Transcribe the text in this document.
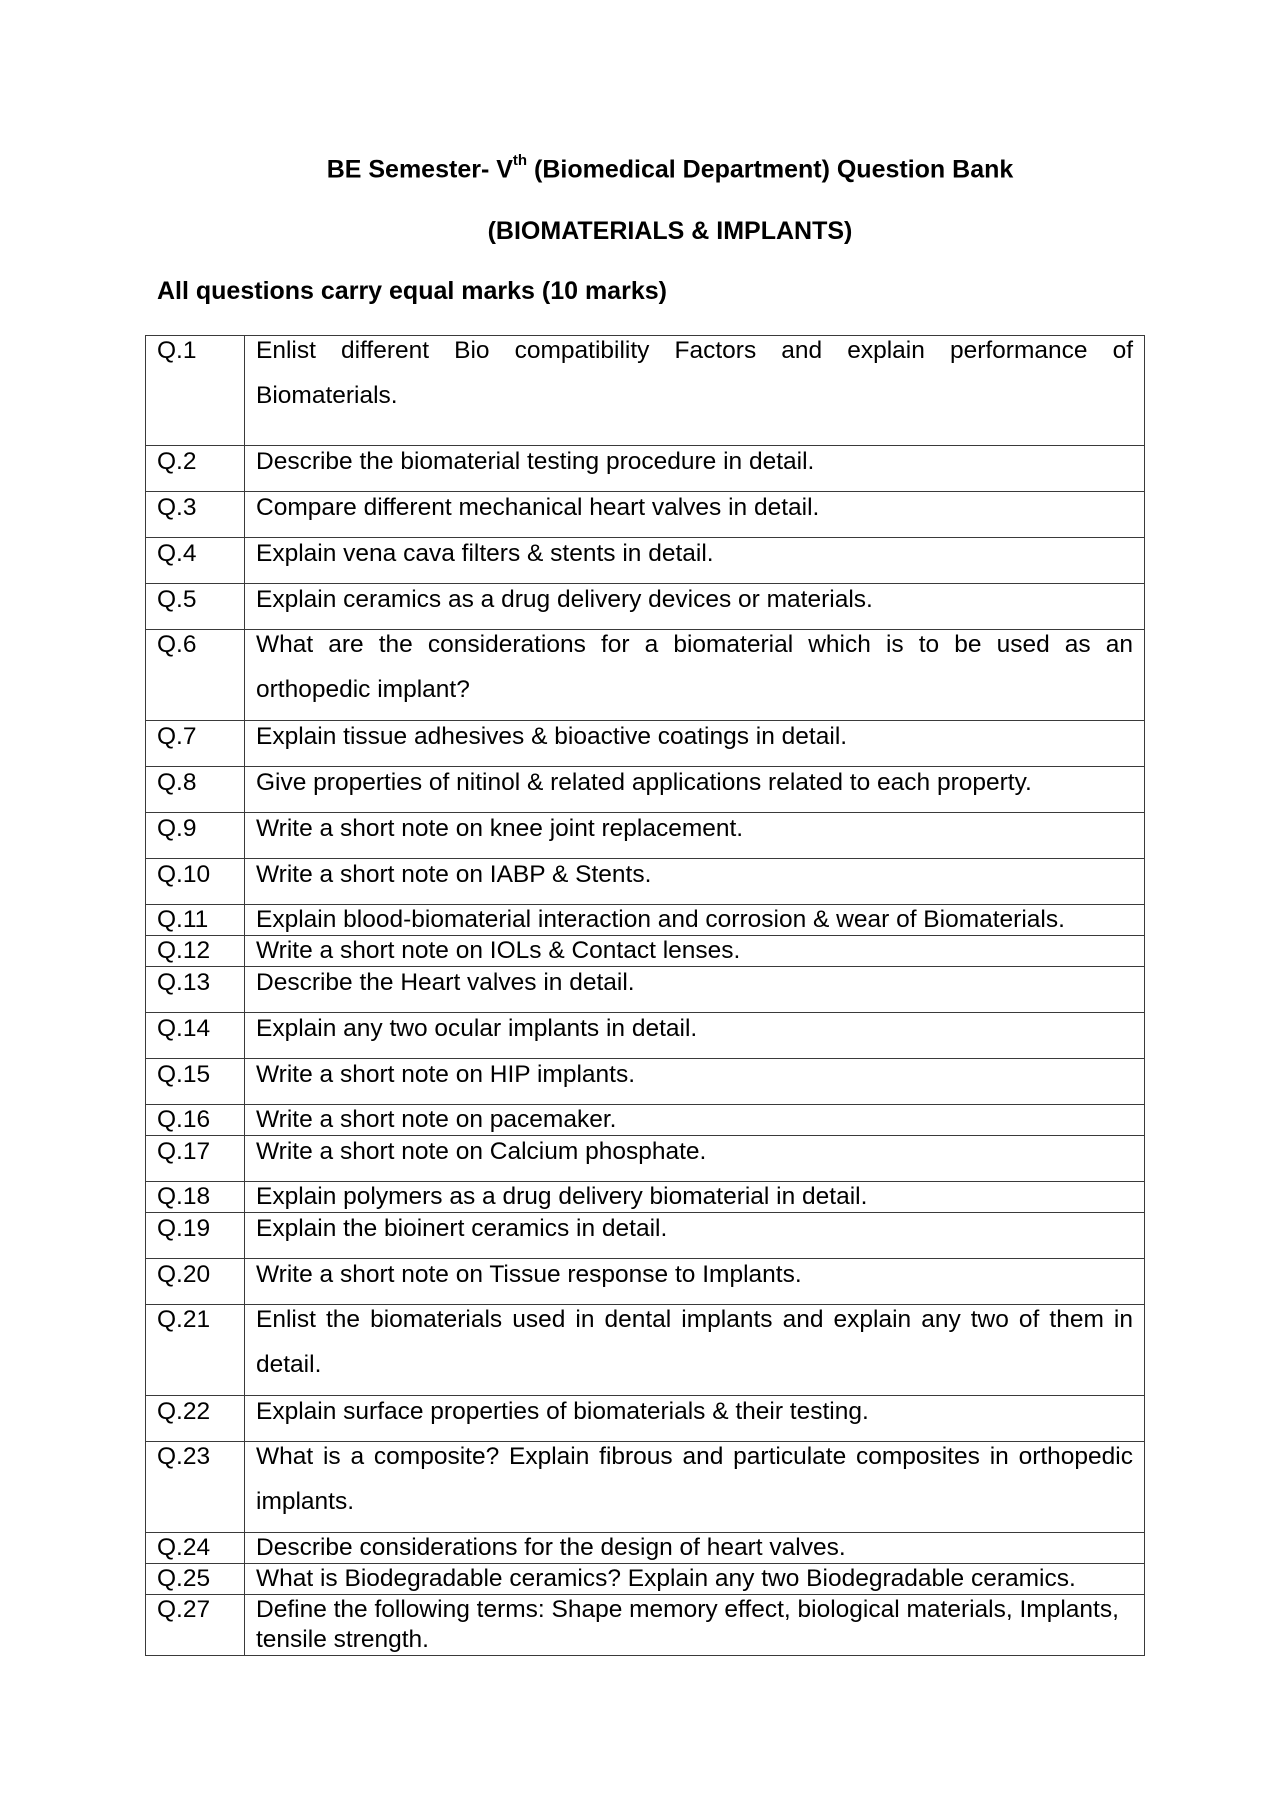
BE Semester- Vth (Biomedical Department) Question Bank
(BIOMATERIALS & IMPLANTS)
All questions carry equal marks (10 marks)
Q.1	Enlist different Bio compatibility Factors and explain performance of Biomaterials.

Q.2	Describe the biomaterial testing procedure in detail.

Q.3	Compare different mechanical heart valves in detail.

Q.4	Explain vena cava filters & stents in detail.

Q.5	Explain ceramics as a drug delivery devices or materials.

Q.6	What are the considerations for a biomaterial which is to be used as an orthopedic implant?

Q.7	Explain tissue adhesives & bioactive coatings in detail.

Q.8	Give properties of nitinol & related applications related to each property.

Q.9	Write a short note on knee joint replacement.

Q.10	Write a short note on IABP & Stents.

Q.11	Explain blood-biomaterial interaction and corrosion & wear of Biomaterials.
Q.12	Write a short note on IOLs & Contact lenses.

Q.13	Describe the Heart valves in detail.

Q.14	Explain any two ocular implants in detail.

Q.15	Write a short note on HIP implants.

Q.16	Write a short note on pacemaker.

Q.17	Write a short note on Calcium phosphate.

Q.18	Explain polymers as a drug delivery biomaterial in detail.

Q.19	Explain the bioinert ceramics in detail.

Q.20	Write a short note on Tissue response to Implants.

Q.21	Enlist the biomaterials used in dental implants and explain any two of them in detail.

Q.22	Explain surface properties of biomaterials & their testing.

Q.23	What is a composite? Explain fibrous and particulate composites in orthopedic implants.

Q.24	Describe considerations for the design of heart valves.
Q.25	What is Biodegradable ceramics? Explain any two Biodegradable ceramics.
Q.27	Define the following terms: Shape memory effect, biological materials, Implants, tensile strength.
